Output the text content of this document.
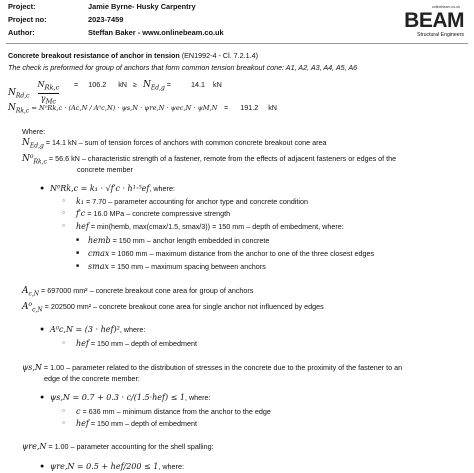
Project:	Jamie Byrne- Husky Carpentry
Project no:	2023-7459
Author:	Steffan Baker - www.onlinebeam.co.uk
onlinebeam.co.uk
BEAM
Structural Engineers
Concrete breakout resistance of anchor in tension (EN1992-4 - Cl. 7.2.1.4)
The check is preformed for group of anchors that form common tension breakout cone: A1, A2, A3, A4, A5, A6
$N_{Rd,c}$
$N_{Rk,c}$
$\gamma_{Mc}$
= 106.2 kN ≥ $N_{Ed,g}$ =	14.1 kN
$N_{Rk,c} = N^0Rk,c \cdot (Ac,N / A^0c,N) \cdot \psi s,N \cdot \psi re,N \cdot \psi ec,N \cdot \psi M,N = 191.2$ kN
Where:
$N_{Ed,g} = 14.1$ kN – sum of tension forces of anchors with common concrete breakout cone area
$N^0_{Rk,c} = 56.6$ kN – characteristic strength of a fastener, remote from the effects of adjacent fasteners or edges of the
concrete member
● N⁰Rk,c = k₁ · √f′c · h¹·⁵ef, where:
○ k₁ = 7.70 – parameter accounting for anchor type and concrete condition
○ f′c = 16.0 MPa – concrete compressive strength
○ hef = min(hemb, max(cmax/1.5, smax/3)) = 150 mm – depth of embedment, where:
■ hemb = 150 mm – anchor length embedded in concrete
■ cmax = 1060 mm – maximum distance from the anchor to one of the three closest edges
■ smax = 150 mm – maximum spacing between anchors
$A_{c,N} = 697000$ mm² – concrete breakout cone area for group of anchors
$A^0_{c,N} = 202500$ mm² – concrete breakout cone area for single anchor not influenced by edges
● A⁰c,N = (3 · hef)², where:
○ hef = 150 mm – depth of embedment
ψs,N = 1.00 – parameter related to the distribution of stresses in the concrete due to the proximity of the fastener to an
edge of the concrete member:
● ψs,N = 0.7 + 0.3 · c/(1.5·hef) ≤ 1, where:
○ c = 636 mm – minimum distance from the anchor to the edge
○ hef = 150 mm – depth of embedment
ψre,N = 1.00 – parameter accounting for the shell spalling:
● ψre,N = 0.5 + hef/200 ≤ 1, where:
